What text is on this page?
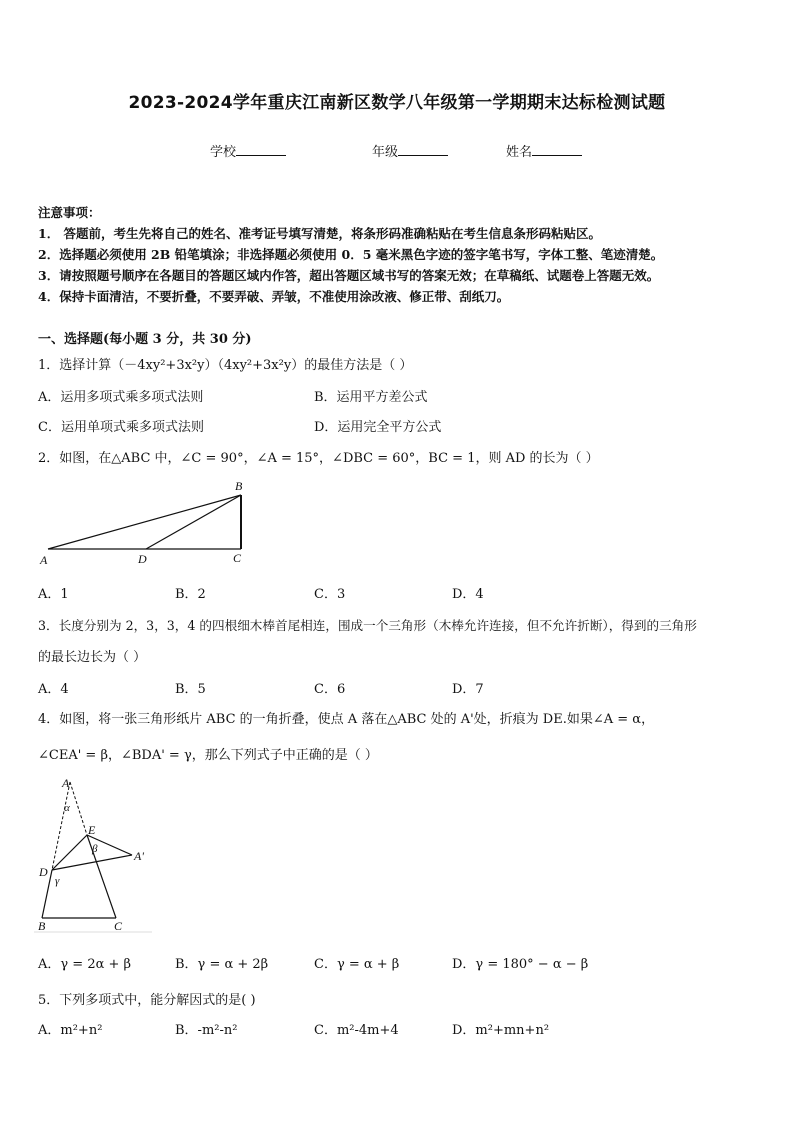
2023-2024学年重庆江南新区数学八年级第一学期期末达标检测试题
学校	年级	姓名
注意事项：
1． 答题前，考生先将自己的姓名、准考证号填写清楚，将条形码准确粘贴在考生信息条形码粘贴区。
2．选择题必须使用 2B 铅笔填涂；非选择题必须使用 0．5 毫米黑色字迹的签字笔书写，字体工整、笔迹清楚。
3．请按照题号顺序在各题目的答题区域内作答，超出答题区域书写的答案无效；在草稿纸、试题卷上答题无效。
4．保持卡面清洁，不要折叠，不要弄破、弄皱，不准使用涂改液、修正带、刮纸刀。
一、选择题(每小题 3 分，共 30 分)
1．选择计算（－4xy²+3x²y）（4xy²+3x²y）的最佳方法是（ ）
A．运用多项式乘多项式法则	B．运用平方差公式
C．运用单项式乘多项式法则	D．运用完全平方公式
2．如图，在△ABC 中，∠C = 90°，∠A = 15°，∠DBC = 60°，BC = 1，则 AD 的长为（ ）
A
B
C
D
A．1	B．2	C．3	D．4
3．长度分别为 2，3，3，4 的四根细木棒首尾相连，围成一个三角形（木棒允许连接，但不允许折断），得到的三角形
的最长边长为（ ）
A．4	B．5	C．6	D．7
4．如图，将一张三角形纸片 ABC 的一角折叠，使点 A 落在△ABC 处的 A'处，折痕为 DE.如果∠A = α，
∠CEA' = β，∠BDA' = γ，那么下列式子中正确的是（ ）
A
α
E
β	A'
D
γ
B	C
A．γ = 2α + β	B．γ = α + 2β	C．γ = α + β	D．γ = 180° − α − β
5．下列多项式中，能分解因式的是( )
A．m²+n²	B．-m²-n²	C．m²-4m+4	D．m²+mn+n²
